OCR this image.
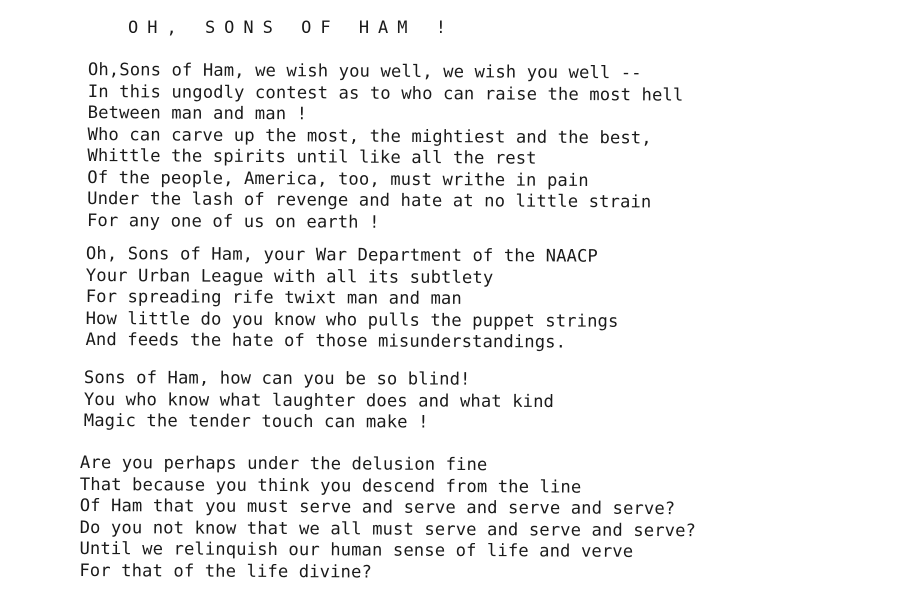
OH, SONS OF HAM !
Oh,Sons of Ham, we wish you well, we wish you well --
In this ungodly contest as to who can raise the most hell
Between man and man !
Who can carve up the most, the mightiest and the best,
Whittle the spirits until like all the rest
Of the people, America, too, must writhe in pain
Under the lash of revenge and hate at no little strain
For any one of us on earth !
Oh, Sons of Ham, your War Department of the NAACP
Your Urban League with all its subtlety
For spreading rife twixt man and man
How little do you know who pulls the puppet strings
And feeds the hate of those misunderstandings.
Sons of Ham, how can you be so blind!
You who know what laughter does and what kind
Magic the tender touch can make !
Are you perhaps under the delusion fine
That because you think you descend from the line
Of Ham that you must serve and serve and serve and serve?
Do you not know that we all must serve and serve and serve?
Until we relinquish our human sense of life and verve
For that of the life divine?
